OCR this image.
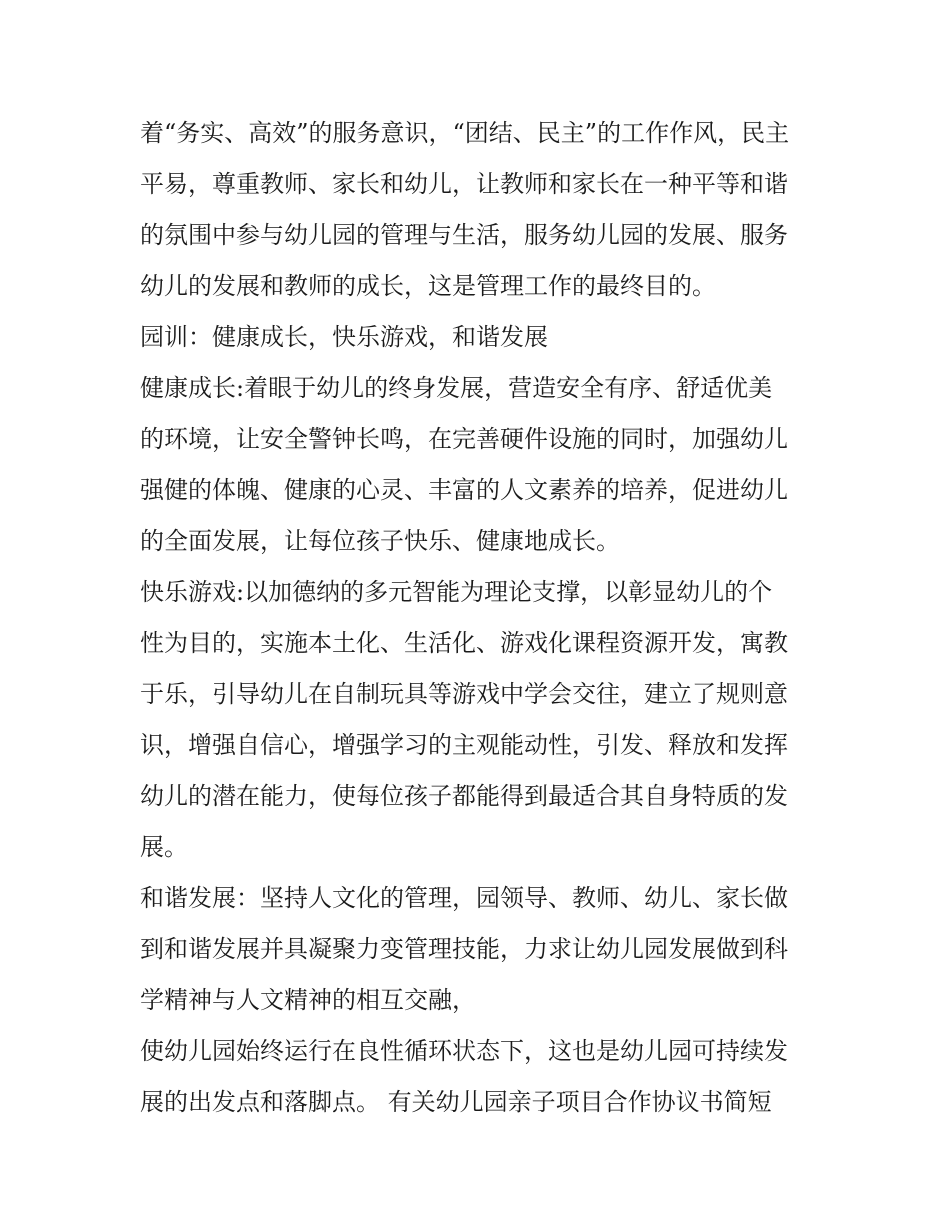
着“务实、高效”的服务意识，“团结、民主”的工作作风，民主
平易，尊重教师、家长和幼儿，让教师和家长在一种平等和谐
的氛围中参与幼儿园的管理与生活，服务幼儿园的发展、服务
幼儿的发展和教师的成长，这是管理工作的最终目的。

园训：健康成长，快乐游戏，和谐发展

健康成长:着眼于幼儿的终身发展，营造安全有序、舒适优美
的环境，让安全警钟长鸣，在完善硬件设施的同时，加强幼儿
强健的体魄、健康的心灵、丰富的人文素养的培养，促进幼儿
的全面发展，让每位孩子快乐、健康地成长。

快乐游戏:以加德纳的多元智能为理论支撑，以彰显幼儿的个
性为目的，实施本土化、生活化、游戏化课程资源开发，寓教
于乐，引导幼儿在自制玩具等游戏中学会交往，建立了规则意
识，增强自信心，增强学习的主观能动性，引发、释放和发挥
幼儿的潜在能力，使每位孩子都能得到最适合其自身特质的发
展。

和谐发展：坚持人文化的管理，园领导、教师、幼儿、家长做
到和谐发展并具凝聚力变管理技能，力求让幼儿园发展做到科
学精神与人文精神的相互交融，

使幼儿园始终运行在良性循环状态下，这也是幼儿园可持续发
展的出发点和落脚点。 有关幼儿园亲子项目合作协议书简短
